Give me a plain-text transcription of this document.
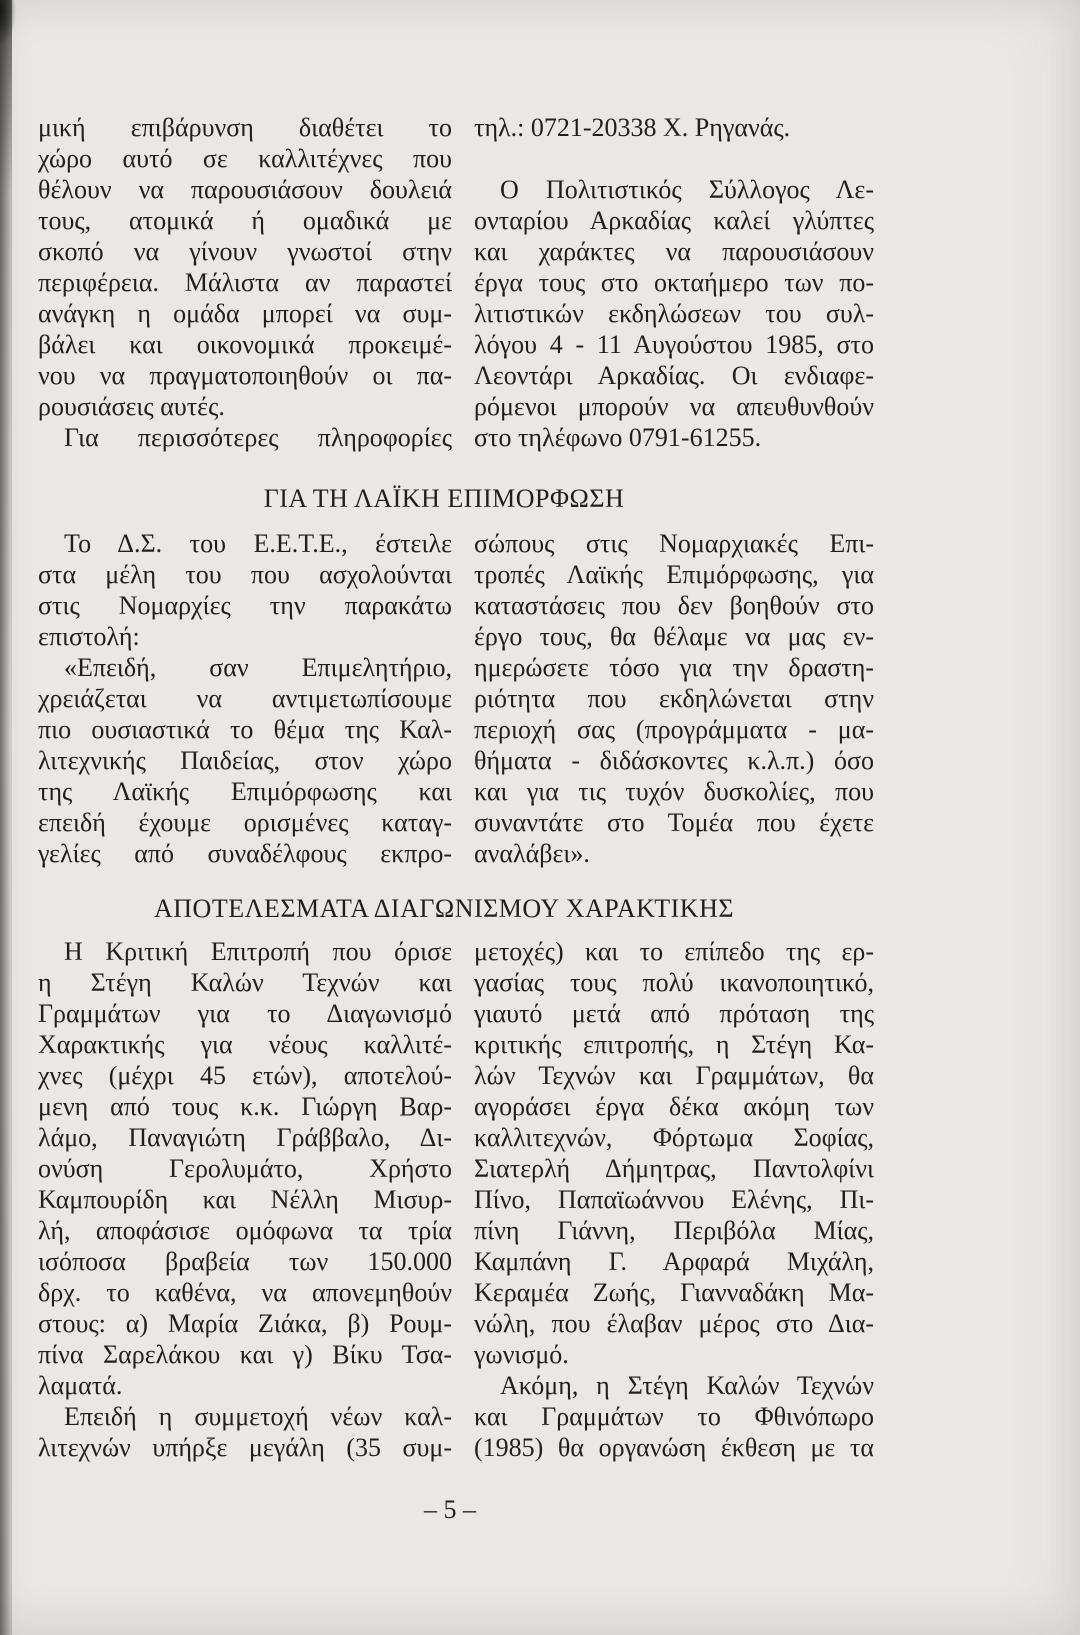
μική επιβάρυνση διαθέτει το
χώρο αυτό σε καλλιτέχνες που
θέλουν να παρουσιάσουν δουλειά
τους, ατομικά ή ομαδικά με
σκοπό να γίνουν γνωστοί στην
περιφέρεια. Μάλιστα αν παραστεί
ανάγκη η ομάδα μπορεί να συμ-
βάλει και οικονομικά προκειμέ-
νου να πραγματοποιηθούν οι πα-
ρουσιάσεις αυτές.
Για περισσότερες πληροφορίες
τηλ.: 0721-20338 Χ. Ρηγανάς.
Ο Πολιτιστικός Σύλλογος Λε-
ονταρίου Αρκαδίας καλεί γλύπτες
και χαράκτες να παρουσιάσουν
έργα τους στο οκταήμερο των πο-
λιτιστικών εκδηλώσεων του συλ-
λόγου 4 - 11 Αυγούστου 1985, στο
Λεοντάρι Αρκαδίας. Οι ενδιαφε-
ρόμενοι μπορούν να απευθυνθούν
στο τηλέφωνο 0791-61255.
ΓΙΑ ΤΗ ΛΑΪΚΗ ΕΠΙΜΟΡΦΩΣΗ
Το Δ.Σ. του Ε.Ε.Τ.Ε., έστειλε
στα μέλη του που ασχολούνται
στις Νομαρχίες την παρακάτω
επιστολή:
«Επειδή, σαν Επιμελητήριο,
χρειάζεται να αντιμετωπίσουμε
πιο ουσιαστικά το θέμα της Καλ-
λιτεχνικής Παιδείας, στον χώρο
της Λαϊκής Επιμόρφωσης και
επειδή έχουμε ορισμένες καταγ-
γελίες από συναδέλφους εκπρο-
σώπους στις Νομαρχιακές Επι-
τροπές Λαϊκής Επιμόρφωσης, για
καταστάσεις που δεν βοηθούν στο
έργο τους, θα θέλαμε να μας εν-
ημερώσετε τόσο για την δραστη-
ριότητα που εκδηλώνεται στην
περιοχή σας (προγράμματα - μα-
θήματα - διδάσκοντες κ.λ.π.) όσο
και για τις τυχόν δυσκολίες, που
συναντάτε στο Τομέα που έχετε
αναλάβει».
ΑΠΟΤΕΛΕΣΜΑΤΑ ΔΙΑΓΩΝΙΣΜΟΥ ΧΑΡΑΚΤΙΚΗΣ
Η Κριτική Επιτροπή που όρισε
η Στέγη Καλών Τεχνών και
Γραμμάτων για το Διαγωνισμό
Χαρακτικής για νέους καλλιτέ-
χνες (μέχρι 45 ετών), αποτελού-
μενη από τους κ.κ. Γιώργη Βαρ-
λάμο, Παναγιώτη Γράββαλο, Δι-
ονύση Γερολυμάτο, Χρήστο
Καμπουρίδη και Νέλλη Μισυρ-
λή, αποφάσισε ομόφωνα τα τρία
ισόποσα βραβεία των 150.000
δρχ. το καθένα, να απονεμηθούν
στους: α) Μαρία Ζιάκα, β) Ρουμ-
πίνα Σαρελάκου και γ) Βίκυ Τσα-
λαματά.
Επειδή η συμμετοχή νέων καλ-
λιτεχνών υπήρξε μεγάλη (35 συμ-
μετοχές) και το επίπεδο της ερ-
γασίας τους πολύ ικανοποιητικό,
γιαυτό μετά από πρόταση της
κριτικής επιτροπής, η Στέγη Κα-
λών Τεχνών και Γραμμάτων, θα
αγοράσει έργα δέκα ακόμη των
καλλιτεχνών, Φόρτωμα Σοφίας,
Σιατερλή Δήμητρας, Παντολφίνι
Πίνο, Παπαϊωάννου Ελένης, Πι-
πίνη Γιάννη, Περιβόλα Μίας,
Καμπάνη Γ. Αρφαρά Μιχάλη,
Κεραμέα Ζωής, Γιανναδάκη Μα-
νώλη, που έλαβαν μέρος στο Δια-
γωνισμό.
Ακόμη, η Στέγη Καλών Τεχνών
και Γραμμάτων το Φθινόπωρο
(1985) θα οργανώση έκθεση με τα
– 5 –
